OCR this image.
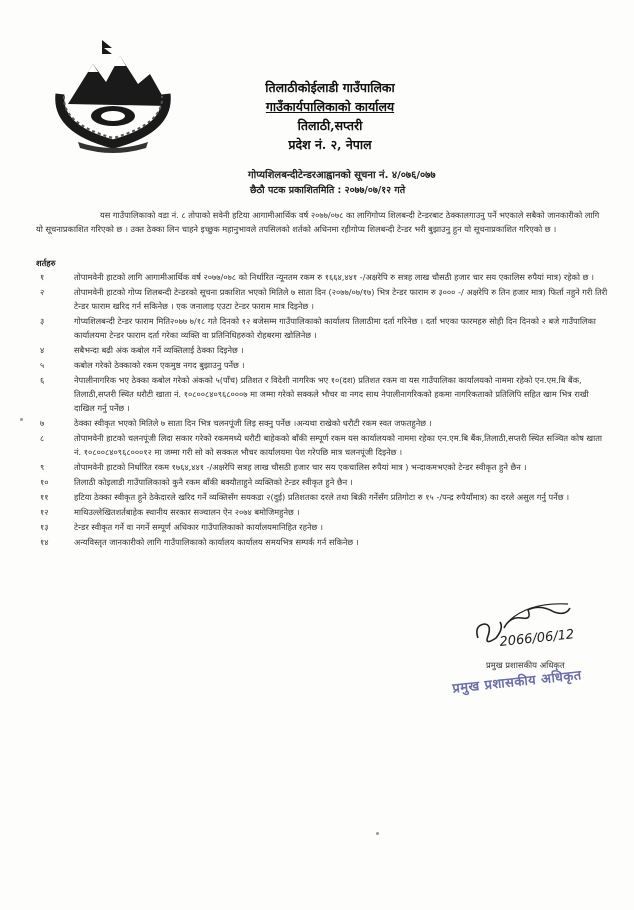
तिलाठीकोईलाडी गाउँपालिका
गाउँकार्यपालिकाको कार्यालय
तिलाठी,सप्तरी
प्रदेश नं. २, नेपाल
गोप्यशिलबन्दीटेन्डरआह्वानको सूचना नं. ४/०७६/०७७
छैठौ पटक प्रकाशितमिति : २०७७/०७/१२ गते
यस गाउँपालिकाको वडा नं. ८ तोपाको सवेनी हटिया आगामीआर्थिक वर्ष २०७७/०७८ का लागिगोप्य शिलबन्दी टेन्डरबाट ठेक्कालगाउनु पर्ने भएकाले सबैको जानकारीको लागि यो सूचनाप्रकाशित गरिएको छ । उक्त ठेक्का लिन चाहने इच्छुक महानुभावले तपसिलको शर्तको अधिनमा रहीगोप्य शिलबन्दी टेन्डर भरी बुझाउनु हुन यो सूचनाप्रकाशित गरिएको छ ।
शर्तहरु
१	तोपामवेनी हाटको लागि आगामीआर्थिक वर्ष २०७७/०७८ को निर्धारित न्यूनतम रकम रु १६६४,४४१ -/अक्षरेपि रु सत्रह लाख चौसठी हजार चार सय एकालिस रुपैयां मात्र) रहेको छ ।
२	तोपामवेनी हाटको गोप्य शिलबन्दी टेन्डरको सूचना प्रकाशित भएको मितिले ७ साता दिन (२०७७/०७/१७) भित्र टेन्डर फाराम रु ३००० -/ अक्षरेपि रु तिन हजार मात्र) फिर्ता नहुने गरी तिरी टेन्डर फाराम खरिद गर्न सकिनेछ । एक जनालाइ एउटा टेन्डर फाराम मात्र दिइनेछ ।
३	गोप्यशिलबन्दी टेन्डर फाराम मिति२०७७ ७/१८ गते दिनको १२ बजेसम्म गाउँपालिकाको कार्यालय तिलाठीमा दर्ता गरिनेछ । दर्ता भएका फारमहरु सोही दिन दिनको २ बजे गाउँपालिका कार्यालयमा टेन्डर फाराम दर्ता गरेका व्यक्ति वा प्रतिनिधिहरुको रोहबरमा खोलिनेछ ।
४	सबैभन्दा बढी अंक कबोल गर्ने व्यक्तिलाई ठेक्का दिइनेछ ।
५	कबोल गरेको ठेक्काको रकम एकमुष्ठ नगद बुझाउनु पर्नेछ ।
६	नेपालीनागरिक भए ठेक्का कबोल गरेको अंकको ५(पाँच) प्रतिशत र विदेशी नागरिक भए १०(दश) प्रतिशत रकम वा यस गाउँपालिका कार्यालयको नाममा रहेको एन.एम.बि बैंक, तिलाठी,सप्तरी स्थित धरौटी खाता नं. १०८००८४०९६८०००७ मा जम्मा गरेको सक्कले भौचर वा नगद साथ नेपालीनागरिकको हकमा नागरिकताको प्रतिलिपि सहित खाम भित्र राखी दाखिल गर्नु पर्नेछ ।
७	ठेक्का स्वीकृत भएको मितिले ७ साता दिन भित्र चलनपूंजी लिइ सक्नु पर्नेछ ।अन्यथा राखेको धरौटी रकम स्वत जफतहुनेछ ।
८	तोपामवेनी हाटको चलनपूंजी लिदा सकार गरेको रकममध्ये धरौटी बाहेकको बाँकी सम्पूर्ण रकम यस कार्यालयको नाममा रहेका एन.एम.बि बैंक,तिलाठी,सप्तरी स्थित सञ्चित कोष खाता नं. १०८००८४०९६८०००१२ मा जम्मा गरी सो को सक्कल भौचर कार्यालयमा पेश गरेपछि मात्र चलनपूंजी दिइनेछ ।
९	तोपामवेनी हाटको निर्धारित रकम १७६४,४४१ -/अक्षरेपि सत्रह लाख चौसठी हजार चार सय एकचालिस रुपैयां मात्र ) भन्दाकमभएको टेन्डर स्वीकृत हुने छैन ।
१०	तिलाठी कोइलाडी गाउँपालिकाको कुनै रकम बाँकी बक्यौताहुने व्यक्तिको टेन्डर स्वीकृत हुने छैन ।
११	हटिया ठेक्का स्वीकृत हुने ठेकेदारले खरिद गर्ने व्यक्तिसँग सयकडा २(दुई) प्रतिशतका दरले तथा बिक्री गर्नेसँग प्रतिगोटा रु १५ -/पन्द्र रुपैयाँमात्र) का दरले असुल गर्नु पर्नेछ ।
१२	माथिउल्लेखितशर्तबाहेक स्थानीय सरकार सञ्चालन ऐन २०७४ बमोजिमहुनेछ ।
१३	टेन्डर स्वीकृत गर्ने वा नगर्ने सम्पूर्ण अधिकार गाउँपालिकाको कार्यालयमानिहित रहनेछ ।
१४	अन्यविस्तृत जानकारीको लागि गाउँपालिकाको कार्यालय कार्यालय समयभित्र सम्पर्क गर्न सकिनेछ ।
2066/06/12
प्रमुख प्रशासकीय अधिकृत
प्रमुख प्रशासकीय अधिकृत
